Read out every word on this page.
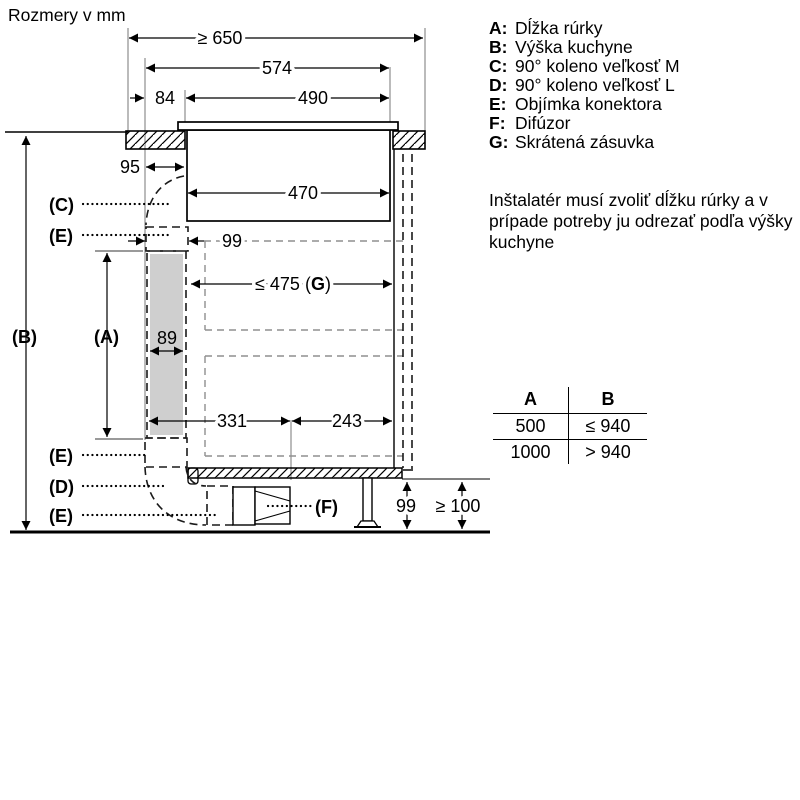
≥ 650
574
84	490
95
470
99
≤ 475 (G)
89
331	243
99 ≥ 100
(C)
(E)
(B)	(A)
(E)
(D)
(E)	(F)
Rozmery v mm
A: Dĺžka rúrky
B: Výška kuchyne
C: 90° koleno veľkosť M
D: 90° koleno veľkosť L
E: Objímka konektora
F: Difúzor
G: Skrátená zásuvka
Inštalatér musí zvoliť dĺžku rúrky a v prípade potreby ju odrezať podľa výšky kuchyne
A	B
500	≤ 940
1000	> 940
